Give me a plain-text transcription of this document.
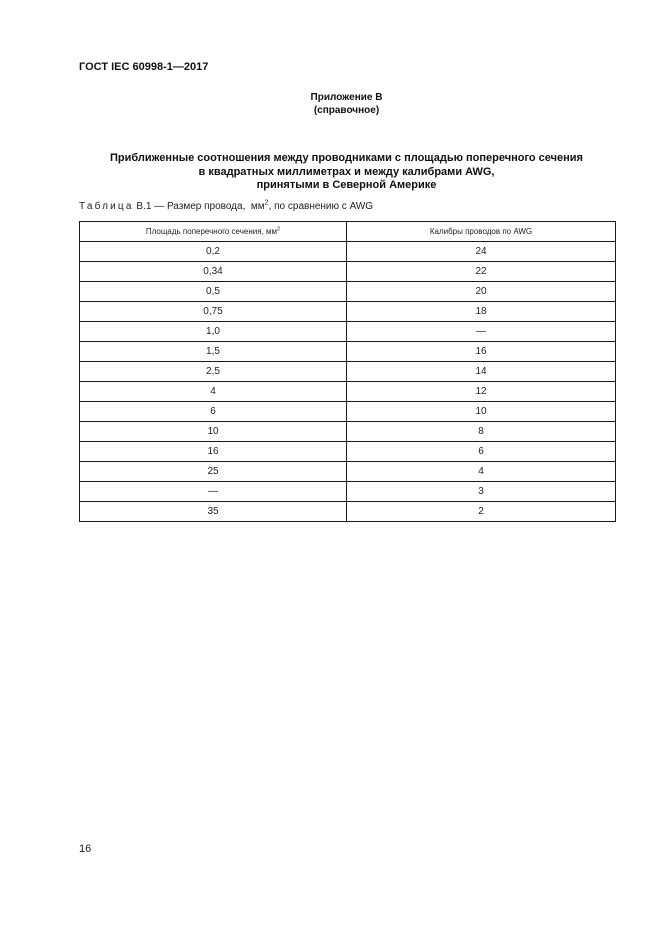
ГОСТ IEC 60998-1—2017
Приложение В
(справочное)
Приближенные соотношения между проводниками с площадью поперечного сечения
в квадратных миллиметрах и между калибрами AWG,
принятыми в Северной Америке
Таблица В.1 — Размер провода,  $мм^2$, по сравнению с AWG
Площадь поперечного сечения, $мм^2$	Калибры проводов по AWG
0,2	24
0,34	22
0,5	20
0,75	18
1,0	—
1,5	16
2,5	14
4	12
6	10
10	8
16	6
25	4
—	3
35	2
16
